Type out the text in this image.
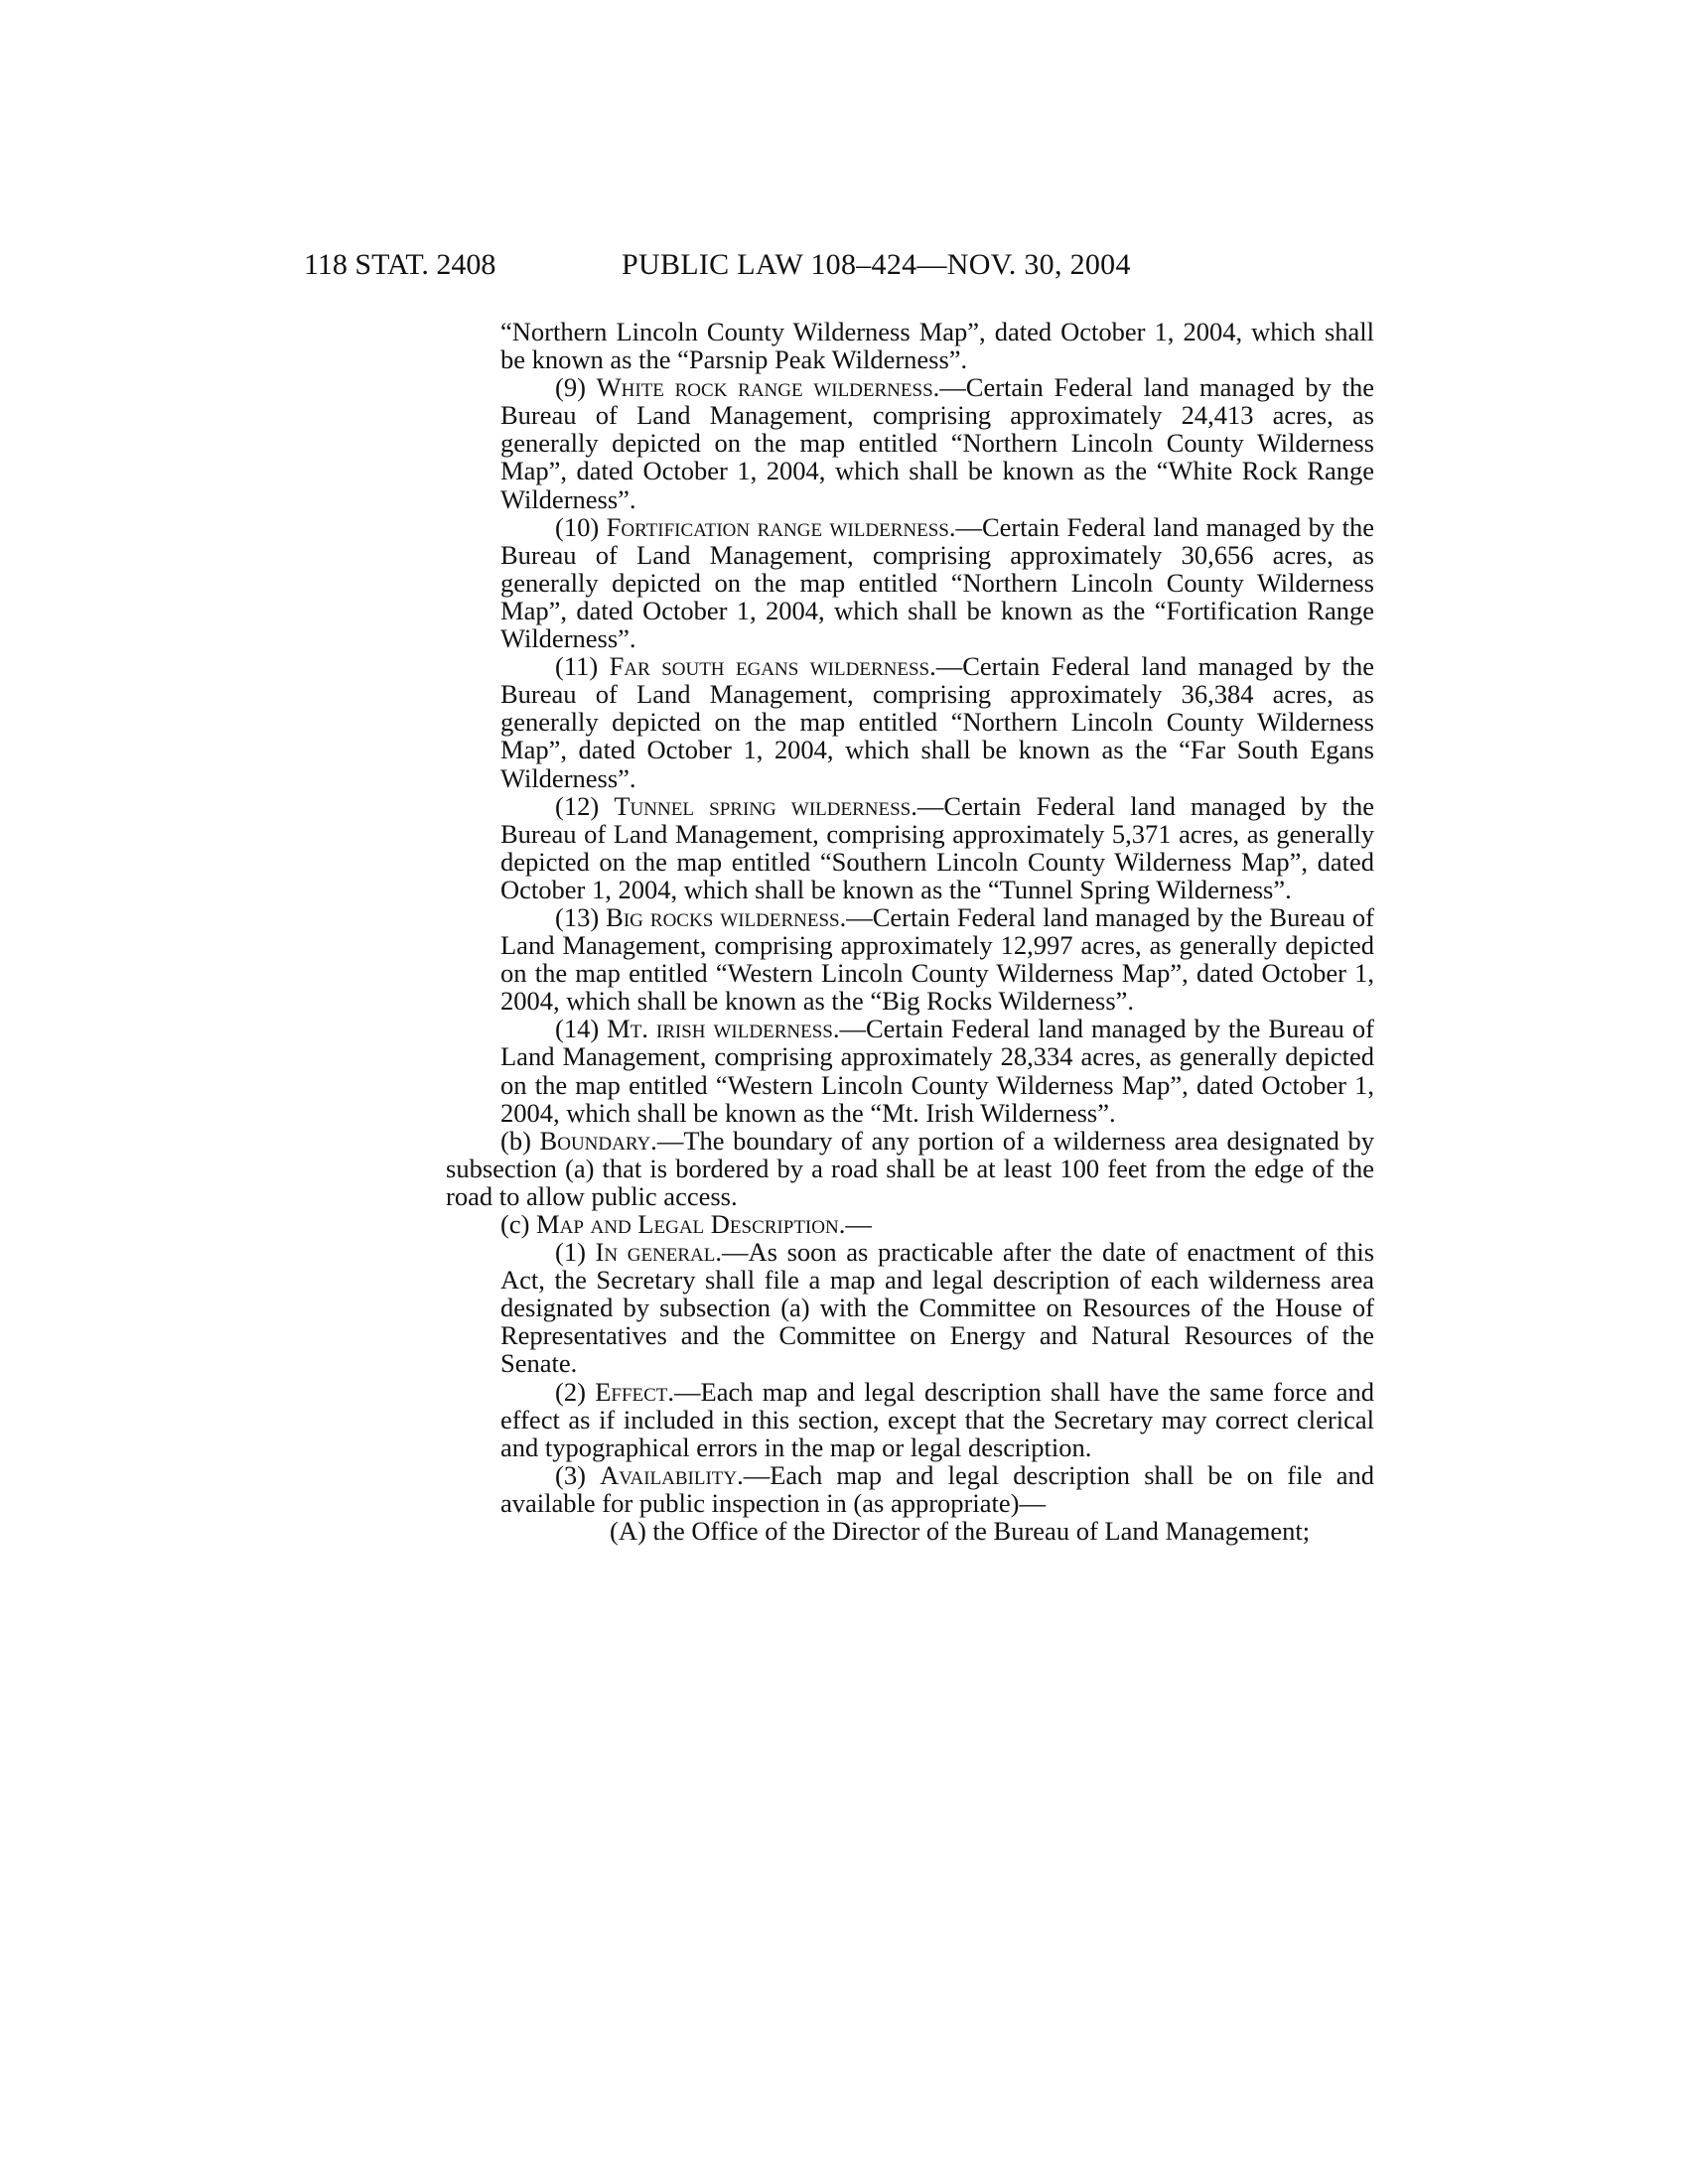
118 STAT. 2408	PUBLIC LAW 108–424—NOV. 30, 2004

“Northern Lincoln County Wilderness Map”, dated October 1, 2004, which shall be known as the “Parsnip Peak Wilderness”.

(9) White rock range wilderness.—Certain Federal land managed by the Bureau of Land Management, comprising approximately 24,413 acres, as generally depicted on the map entitled “Northern Lincoln County Wilderness Map”, dated October 1, 2004, which shall be known as the “White Rock Range Wilderness”.

(10) Fortification range wilderness.—Certain Federal land managed by the Bureau of Land Management, comprising approximately 30,656 acres, as generally depicted on the map entitled “Northern Lincoln County Wilderness Map”, dated October 1, 2004, which shall be known as the “Fortification Range Wilderness”.

(11) Far south egans wilderness.—Certain Federal land managed by the Bureau of Land Management, comprising approximately 36,384 acres, as generally depicted on the map entitled “Northern Lincoln County Wilderness Map”, dated October 1, 2004, which shall be known as the “Far South Egans Wilderness”.

(12) Tunnel spring wilderness.—Certain Federal land managed by the Bureau of Land Management, comprising approximately 5,371 acres, as generally depicted on the map entitled “Southern Lincoln County Wilderness Map”, dated October 1, 2004, which shall be known as the “Tunnel Spring Wilderness”.

(13) Big rocks wilderness.—Certain Federal land managed by the Bureau of Land Management, comprising approximately 12,997 acres, as generally depicted on the map entitled “Western Lincoln County Wilderness Map”, dated October 1, 2004, which shall be known as the “Big Rocks Wilderness”.

(14) Mt. irish wilderness.—Certain Federal land managed by the Bureau of Land Management, comprising approximately 28,334 acres, as generally depicted on the map entitled “Western Lincoln County Wilderness Map”, dated October 1, 2004, which shall be known as the “Mt. Irish Wilderness”.

(b) Boundary.—The boundary of any portion of a wilderness area designated by subsection (a) that is bordered by a road shall be at least 100 feet from the edge of the road to allow public access.

(c) Map and Legal Description.—

(1) In general.—As soon as practicable after the date of enactment of this Act, the Secretary shall file a map and legal description of each wilderness area designated by subsection (a) with the Committee on Resources of the House of Representatives and the Committee on Energy and Natural Resources of the Senate.

(2) Effect.—Each map and legal description shall have the same force and effect as if included in this section, except that the Secretary may correct clerical and typographical errors in the map or legal description.

(3) Availability.—Each map and legal description shall be on file and available for public inspection in (as appropriate)—

(A) the Office of the Director of the Bureau of Land Management;
